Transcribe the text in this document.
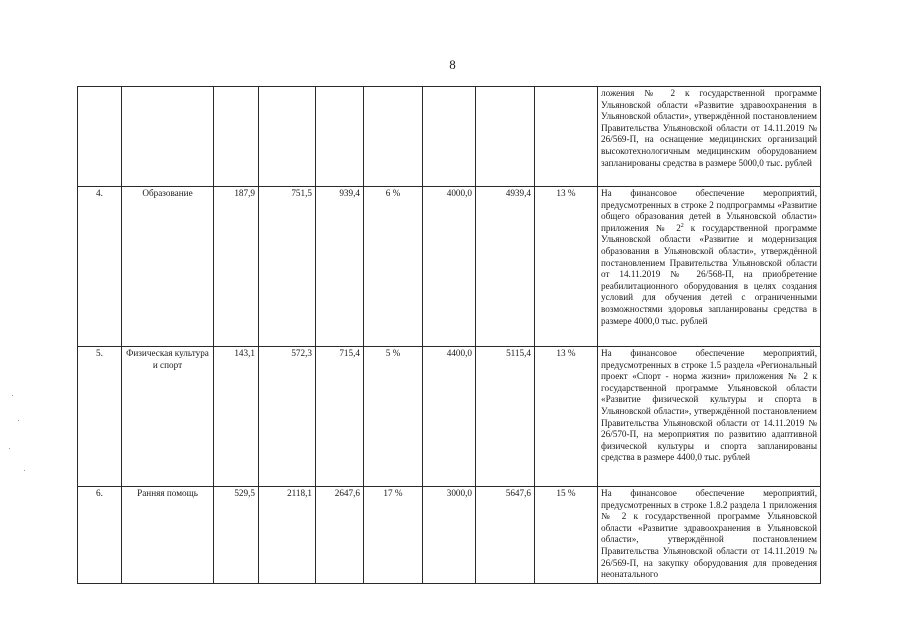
8
									ложения № 2 к государственной программе Ульяновской области «Развитие здравоохранения в Ульяновской области», утверждённой постановлением Правительства Ульяновской области от 14.11.2019 № 26/569-П, на оснащение медицинских организаций высокотехнологичным медицинским оборудованием запланированы средства в размере 5000,0 тыс. рублей
4.	Образование	187,9	751,5	939,4	6 %	4000,0	4939,4	13 %	На финансовое обеспечение мероприятий, предусмотренных в строке 2 подпрограммы «Развитие общего образования детей в Ульяновской области» приложения № $2^2$ к государственной программе Ульяновской области «Развитие и модернизация образования в Ульяновской области», утверждённой постановлением Правительства Ульяновской области от 14.11.2019 № 26/568-П, на приобретение реабилитационного оборудования в целях создания условий для обучения детей с ограниченными возможностями здоровья запланированы средства в размере 4000,0 тыс. рублей
5.	Физическая культура и спорт	143,1	572,3	715,4	5 %	4400,0	5115,4	13 %	На финансовое обеспечение мероприятий, предусмотренных в строке 1.5 раздела «Региональный проект «Спорт - норма жизни» приложения № 2 к государственной программе Ульяновской области «Развитие физической культуры и спорта в Ульяновской области», утверждённой постановлением Правительства Ульяновской области от 14.11.2019 № 26/570-П, на мероприятия по развитию адаптивной физической культуры и спорта запланированы средства в размере 4400,0 тыс. рублей
6.	Ранняя помощь	529,5	2118,1	2647,6	17 %	3000,0	5647,6	15 %	На финансовое обеспечение мероприятий, предусмотренных в строке 1.8.2 раздела 1 приложения № 2 к государственной программе Ульяновской области «Развитие здравоохранения в Ульяновской области», утверждённой постановлением Правительства Ульяновской области от 14.11.2019 № 26/569-П, на закупку оборудования для проведения неонатального
